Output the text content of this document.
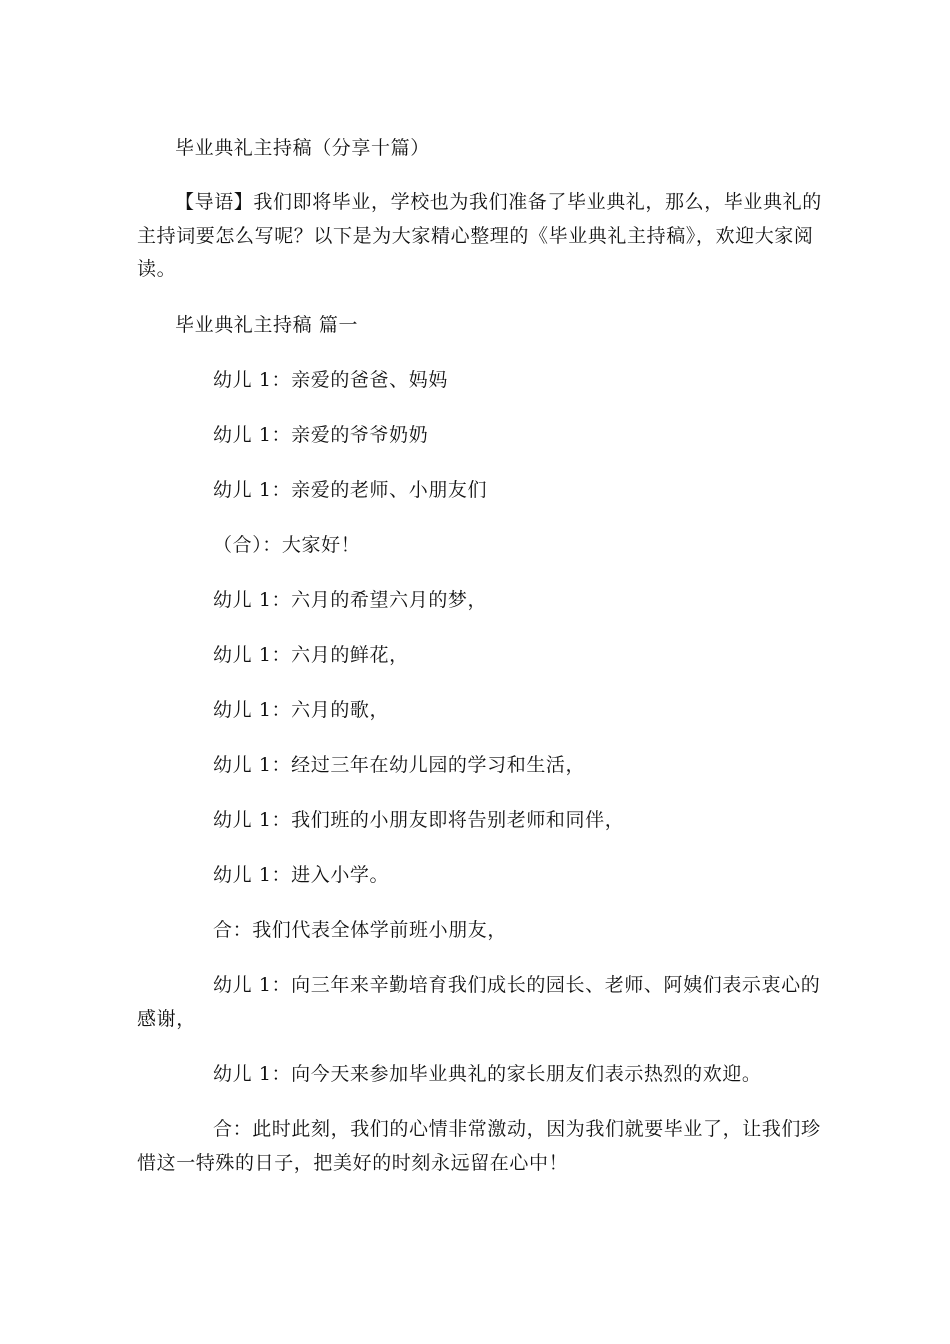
毕业典礼主持稿（分享十篇）
【导语】我们即将毕业，学校也为我们准备了毕业典礼，那么，毕业典礼的
主持词要怎么写呢？以下是为大家精心整理的《毕业典礼主持稿》，欢迎大家阅
读。
毕业典礼主持稿 篇一
幼儿 1：亲爱的爸爸、妈妈
幼儿 1：亲爱的爷爷奶奶
幼儿 1：亲爱的老师、小朋友们
（合）：大家好！
幼儿 1：六月的希望六月的梦，
幼儿 1：六月的鲜花，
幼儿 1：六月的歌，
幼儿 1：经过三年在幼儿园的学习和生活，
幼儿 1：我们班的小朋友即将告别老师和同伴，
幼儿 1：进入小学。
合：我们代表全体学前班小朋友，
幼儿 1：向三年来辛勤培育我们成长的园长、老师、阿姨们表示衷心的
感谢，
幼儿 1：向今天来参加毕业典礼的家长朋友们表示热烈的欢迎。
合：此时此刻，我们的心情非常激动，因为我们就要毕业了，让我们珍
惜这一特殊的日子，把美好的时刻永远留在心中！
